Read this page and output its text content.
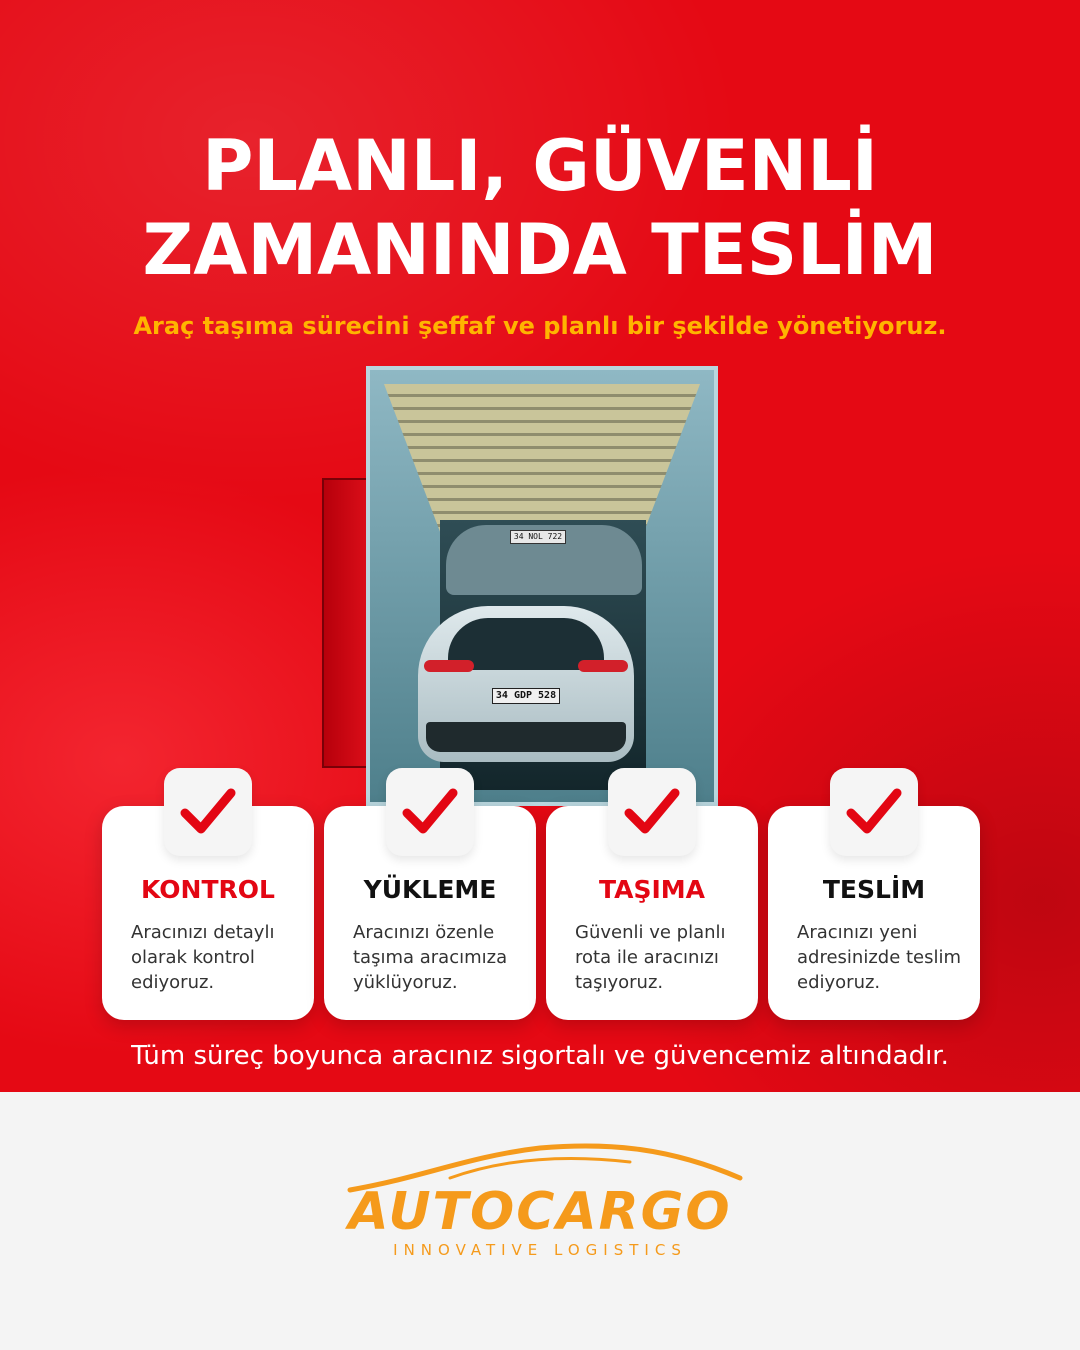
PLANLI, GÜVENLİ
ZAMANINDA TESLİM
Araç taşıma sürecini şeffaf ve planlı bir şekilde yönetiyoruz.
34 NOL 722
34 GDP 528
KONTROL	YÜKLEME	TAŞIMA	TESLİM
Aracınızı detaylı olarak kontrol ediyoruz.
Aracınızı özenle taşıma aracımıza yüklüyoruz.
Güvenli ve planlı rota ile aracınızı taşıyoruz.
Aracınızı yeni adresinizde teslim ediyoruz.
Tüm süreç boyunca aracınız sigortalı ve güvencemiz altındadır.
AUTOCARGO
INNOVATIVE LOGISTICS
